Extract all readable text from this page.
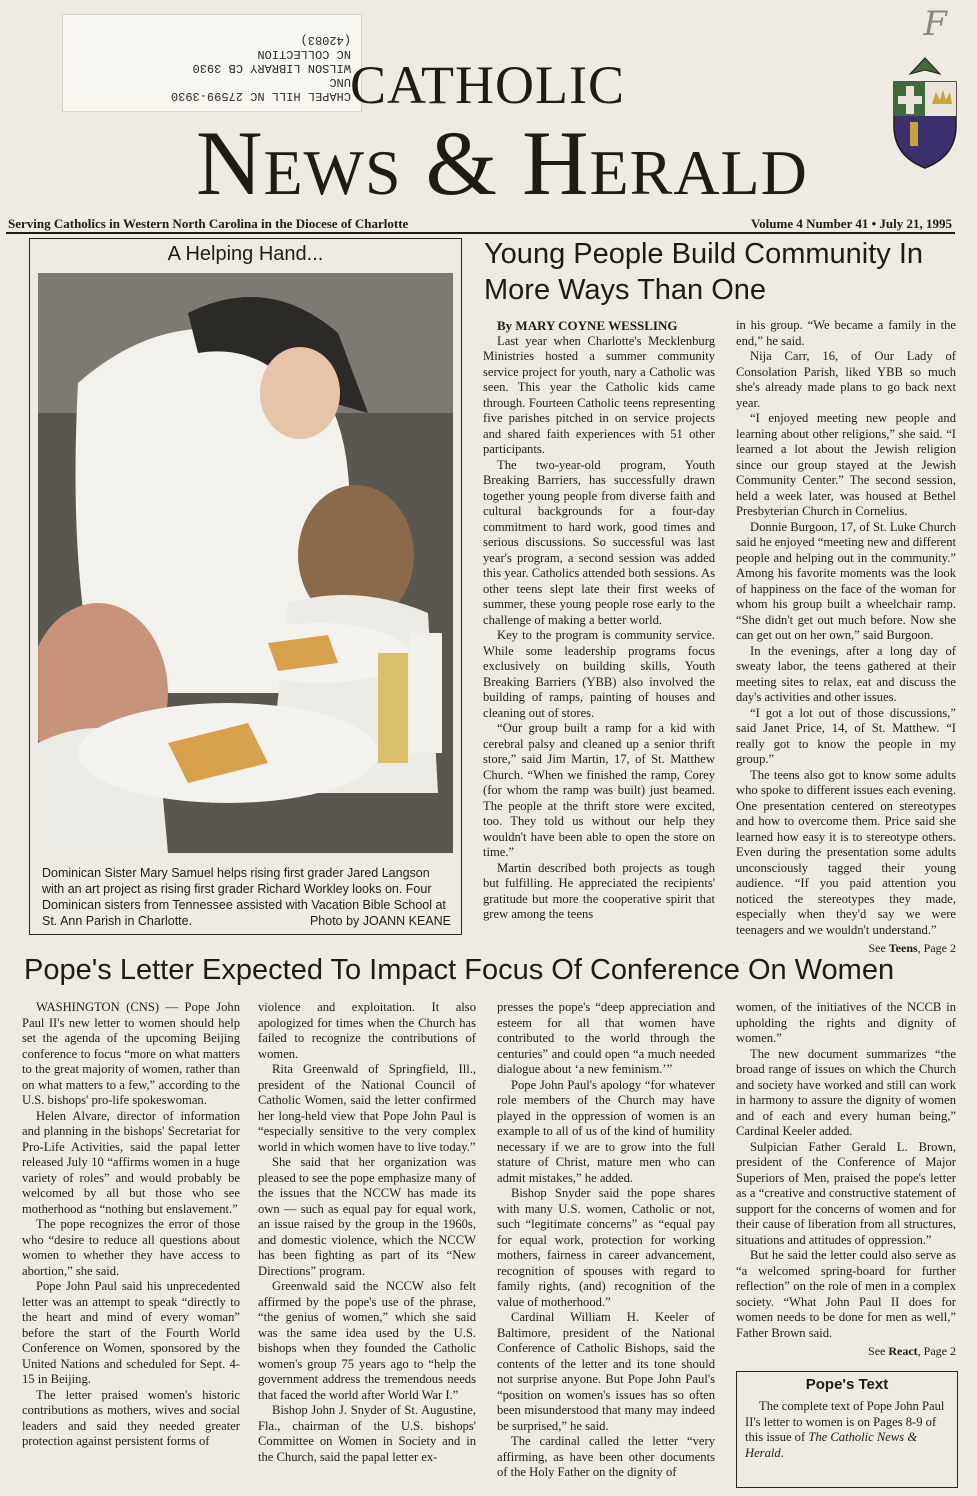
CHAPEL HILL NC 27599-3930
UNC
WILSON LIBRARY CB 3930
NC COLLECTION
(42083)	F
CATHOLIC
News & Herald
Serving Catholics in Western North Carolina in the Diocese of Charlotte	Volume 4 Number 41 • July 21, 1995
A Helping Hand...
Dominican Sister Mary Samuel helps rising first grader Jared Langson with an art project as rising first grader Richard Workley looks on. Four Dominican sisters from Tennessee assisted with Vacation Bible School at St. Ann Parish in Charlotte.	Photo by JOANN KEANE
Young People Build Community In More Ways Than One

By MARY COYNE WESSLING

Last year when Charlotte's Mecklenburg Ministries hosted a summer community service project for youth, nary a Catholic was seen. This year the Catholic kids came through. Fourteen Catholic teens representing five parishes pitched in on service projects and shared faith experiences with 51 other participants.

The two-year-old program, Youth Breaking Barriers, has successfully drawn together young people from diverse faith and cultural backgrounds for a four-day commitment to hard work, good times and serious discussions. So successful was last year's program, a second session was added this year. Catholics attended both sessions. As other teens slept late their first weeks of summer, these young people rose early to the challenge of making a better world.

Key to the program is community service. While some leadership programs focus exclusively on building skills, Youth Breaking Barriers (YBB) also involved the building of ramps, painting of houses and cleaning out of stores.

“Our group built a ramp for a kid with cerebral palsy and cleaned up a senior thrift store,” said Jim Martin, 17, of St. Matthew Church. “When we finished the ramp, Corey (for whom the ramp was built) just beamed. The people at the thrift store were excited, too. They told us without our help they wouldn't have been able to open the store on time.”

Martin described both projects as tough but fulfilling. He appreciated the recipients' gratitude but more the cooperative spirit that grew among the teens

in his group. “We became a family in the end,” he said.

Nija Carr, 16, of Our Lady of Consolation Parish, liked YBB so much she's already made plans to go back next year.

“I enjoyed meeting new people and learning about other religions,” she said. “I learned a lot about the Jewish religion since our group stayed at the Jewish Community Center.” The second session, held a week later, was housed at Bethel Presbyterian Church in Cornelius.

Donnie Burgoon, 17, of St. Luke Church said he enjoyed “meeting new and different people and helping out in the community.” Among his favorite moments was the look of happiness on the face of the woman for whom his group built a wheelchair ramp. “She didn't get out much before. Now she can get out on her own,” said Burgoon.

In the evenings, after a long day of sweaty labor, the teens gathered at their meeting sites to relax, eat and discuss the day's activities and other issues.

“I got a lot out of those discussions,” said Janet Price, 14, of St. Matthew. “I really got to know the people in my group.”

The teens also got to know some adults who spoke to different issues each evening. One presentation centered on stereotypes and how to overcome them. Price said she learned how easy it is to stereotype others. Even during the presentation some adults unconsciously tagged their young audience. “If you paid attention you noticed the stereotypes they made, especially when they'd say we were teenagers and we wouldn't understand.”

See Teens, Page 2
Pope's Letter Expected To Impact Focus Of Conference On Women

WASHINGTON (CNS) — Pope John Paul II's new letter to women should help set the agenda of the upcoming Beijing conference to focus “more on what matters to the great majority of women, rather than on what matters to a few,” according to the U.S. bishops' pro-life spokeswoman.

Helen Alvare, director of information and planning in the bishops' Secretariat for Pro-Life Activities, said the papal letter released July 10 “affirms women in a huge variety of roles” and would probably be welcomed by all but those who see motherhood as “nothing but enslavement.”

The pope recognizes the error of those who “desire to reduce all questions about women to whether they have access to abortion,” she said.

Pope John Paul said his unprecedented letter was an attempt to speak “directly to the heart and mind of every woman” before the start of the Fourth World Conference on Women, sponsored by the United Nations and scheduled for Sept. 4-15 in Beijing.

The letter praised women's historic contributions as mothers, wives and social leaders and said they needed greater protection against persistent forms of

violence and exploitation. It also apologized for times when the Church has failed to recognize the contributions of women.

Rita Greenwald of Springfield, Ill., president of the National Council of Catholic Women, said the letter confirmed her long-held view that Pope John Paul is “especially sensitive to the very complex world in which women have to live today.”

She said that her organization was pleased to see the pope emphasize many of the issues that the NCCW has made its own — such as equal pay for equal work, an issue raised by the group in the 1960s, and domestic violence, which the NCCW has been fighting as part of its “New Directions” program.

Greenwald said the NCCW also felt affirmed by the pope's use of the phrase, “the genius of women,” which she said was the same idea used by the U.S. bishops when they founded the Catholic women's group 75 years ago to “help the government address the tremendous needs that faced the world after World War I.”

Bishop John J. Snyder of St. Augustine, Fla., chairman of the U.S. bishops' Committee on Women in Society and in the Church, said the papal letter ex-

presses the pope's “deep appreciation and esteem for all that women have contributed to the world through the centuries” and could open “a much needed dialogue about ‘a new feminism.’”

Pope John Paul's apology “for whatever role members of the Church may have played in the oppression of women is an example to all of us of the kind of humility necessary if we are to grow into the full stature of Christ, mature men who can admit mistakes,” he added.

Bishop Snyder said the pope shares with many U.S. women, Catholic or not, such “legitimate concerns” as “equal pay for equal work, protection for working mothers, fairness in career advancement, recognition of spouses with regard to family rights, (and) recognition of the value of motherhood.”

Cardinal William H. Keeler of Baltimore, president of the National Conference of Catholic Bishops, said the contents of the letter and its tone should not surprise anyone. But Pope John Paul's “position on women's issues has so often been misunderstood that many may indeed be surprised,” he said.

The cardinal called the letter “very affirming, as have been other documents of the Holy Father on the dignity of

women, of the initiatives of the NCCB in upholding the rights and dignity of women.”

The new document summarizes “the broad range of issues on which the Church and society have worked and still can work in harmony to assure the dignity of women and of each and every human being,” Cardinal Keeler added.

Sulpician Father Gerald L. Brown, president of the Conference of Major Superiors of Men, praised the pope's letter as a “creative and constructive statement of support for the concerns of women and for their cause of liberation from all structures, situations and attitudes of oppression.”

But he said the letter could also serve as “a welcomed spring-board for further reflection” on the role of men in a complex society. “What John Paul II does for women needs to be done for men as well,” Father Brown said.

See React, Page 2
Pope's Text

The complete text of Pope John Paul II's letter to women is on Pages 8-9 of this issue of The Catholic News & Herald.
